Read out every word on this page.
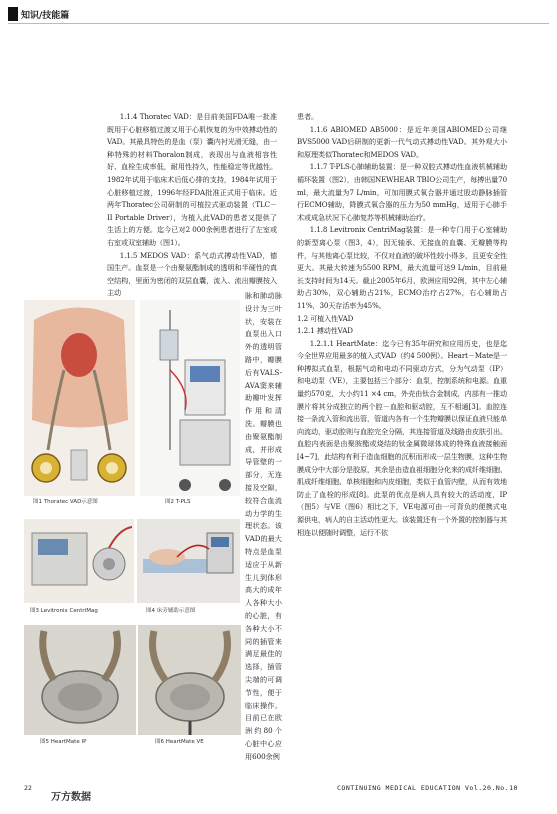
知识/技能篇

1.1.4 Thoratec VAD：是目前美国FDA唯一批准既用于心脏移植过渡又用于心肌恢复的为中效搏动性的VAD。其最具特色的是血（泵）囊内衬光滑无缝，由一种特殊的材料Thoralon制成，表现出与血液相容性好、血栓生成率低，耐用性持久，性能稳定等优越性。1982年试用于临床术后低心排的支持，1984年试用于心脏移植过渡，1996年经FDA批准正式用于临床。近两年Thoratec公司研制的可植拉式驱动装置（TLC－II Portable Driver），为植入此VAD的患者又提供了生活上的方便。迄今已对2 000余例患者进行了左室或右室或双室辅助（图1）。

1.1.5 MEDOS VAD：系气动式搏动性VAD，德国生产。血泵是一个由聚氨酯制成的透明和半硬性的真空结构，里面为密闭的双层血囊，流入、流出瓣膜按入主动	脉和肺动脉设计为三叶状，安装在血泵出入口外的透明管路中，瓣膜后有VALS-AVA窦来辅助瓣叶发挥作用和清洗。瓣膜也由聚氨酯制成，并形成导管壁的一部分，无连接及空隙，较符合血流动力学的生理状态。该VAD的最大特点是血泵适应于从新生儿到体形高大的成年人各种大小的心脏，有各种大小不同的插管来满足最佳的选择，插管尖端的可调节性，便于临床操作。目前已在欧洲约80个心脏中心应用600余例

患者。

1.1.6 ABIOMED AB5000：是近年美国ABIOMED公司继BVS5000 VAD后研制的更新一代气动式搏动性VAD。其外观大小和原理类似Thoratec和MEDOS VAD。

1.1.7 T-PLS心肺辅助装置：是一种双腔式搏动性血液机械辅助循环装置（图2），由韩国NEWHEAR TBIO公司生产，每搏出量70 ml，最大流量为7 L/min，可加用膜式氧合器并通过股动静脉插管行ECMO辅助，降膜式氧合器的压力为50 mmHg，适用于心肺手术或成急状况下心肺复苏等机械辅助治疗。

1.1.8 Levitronix CentriMag装置：是一种专门用于心室辅助的新型离心泵（图3，4），因无轴承、无接血的血囊、无瓣膜等构件，与其他离心泵比较，不仅对血液的破坏性较小得多，且更安全性更大。其最大转速为5500 RPM，最大流量可达9 L/min，目前最长支持时间为14天。截止2005年6月，欧洲应用92例，其中左心辅助占30%，双心辅助占21%，ECMO治疗占27%，右心辅助占11%，30天存活率为45%。

1.2 可植入性VAD

1.2.1 搏动性VAD

1.2.1.1 HeartMate：迄今已有35年研究和应用历史，也是迄今全世界应用最多的植入式VAD（约4 500例）。Heart－Mate是一种搏拟式血泵，根据气动和电动不同驱动方式，分为气动泵（IP）和电动泵（VE），主要包括三个部分：血泵，控制系统和电源。血重量约570克，大小约11 ×4 cm，外壳由钛合金制成，内部有一推动膜片将其分成独立的两个腔－血腔和驱动腔，互不相通[3]。血腔连接一条流入管和流出管，管道内各有一个生物瓣膜以保证血液只能单向流动，驱动腔则与血腔完全分隔，其连接管道及线路由皮肤引出。血腔内表面是由聚胺酯或烧结的钛金属微球体成的特殊血液接触面[4~7]，此结构有利于造血细胞的沉积而形成一层生物膜，这种生物膜成分中大部分是胶原，其余是由造血祖细胞分化来的成纤维细胞、肌成纤维细胞、单核细胞和内皮细胞，类似于血管内壁，从而有效地防止了血栓的形成[8]。此泵的优点是病人具有较大的活动度，IP（图5）与VE（图6）相比之下，VE电源可由一可背负的便携式电源供电，病人的自主活动性更大。该装置还有一个外置的控制器与其相连以便随时调整，运行不依

图1 Thoratec VAD示意图	图2 T-PLS
图3 Levitronix CentriMag	图4 床旁辅助示意图
图5 HeartMate IP	图6 HeartMate VE
22
万方数据
CONTINUING MEDICAL EDUCATION Vol.20.No.10
